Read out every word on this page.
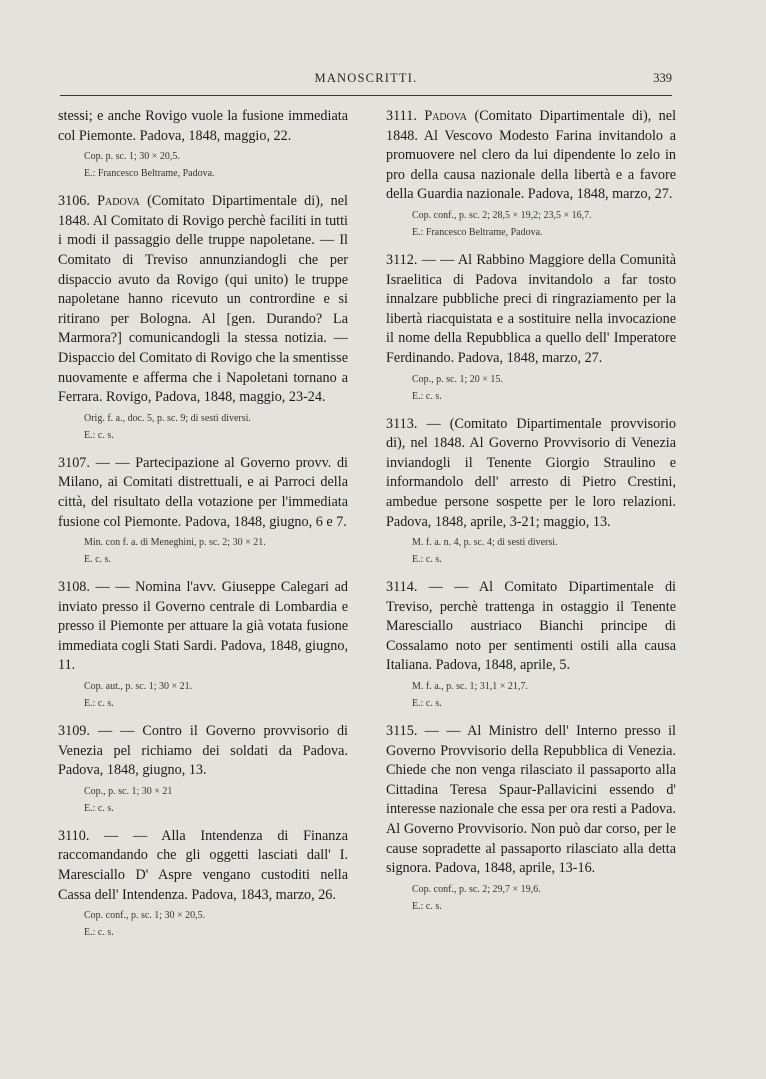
MANOSCRITTI.	339

stessi; e anche Rovigo vuole la fusione immediata col Piemonte. Padova, 1848, maggio, 22.

Cop. p. sc. 1; 30 × 20,5.
E.: Francesco Beltrame, Padova.

3106. Padova (Comitato Dipartimentale di), nel 1848. Al Comitato di Rovigo perchè faciliti in tutti i modi il passaggio delle truppe napoletane. — Il Comitato di Treviso annunziandogli che per dispaccio avuto da Rovigo (qui unito) le truppe napoletane hanno ricevuto un contrordine e si ritirano per Bologna. Al [gen. Durando? La Marmora?] comunicandogli la stessa notizia. — Dispaccio del Comitato di Rovigo che la smentisse nuovamente e afferma che i Napoletani tornano a Ferrara. Rovigo, Padova, 1848, maggio, 23-24.

Orig. f. a., doc. 5, p. sc. 9; di sesti diversi.
E.: c. s.

3107. — — Partecipazione al Governo provv. di Milano, ai Comitati distrettuali, e ai Parroci della città, del risultato della votazione per l'immediata fusione col Piemonte. Padova, 1848, giugno, 6 e 7.

Min. con f. a. di Meneghini, p. sc. 2; 30 × 21.
E. c. s.

3108. — — Nomina l'avv. Giuseppe Calegari ad inviato presso il Governo centrale di Lombardia e presso il Piemonte per attuare la già votata fusione immediata cogli Stati Sardi. Padova, 1848, giugno, 11.

Cop. aut., p. sc. 1; 30 × 21.
E.: c. s.

3109. — — Contro il Governo provvisorio di Venezia pel richiamo dei soldati da Padova. Padova, 1848, giugno, 13.

Cop., p. sc. 1; 30 × 21
E.: c. s.

3110. — — Alla Intendenza di Finanza raccomandando che gli oggetti lasciati dall' I. Maresciallo D' Aspre vengano custoditi nella Cassa dell' Intendenza. Padova, 1843, marzo, 26.

Cop. conf., p. sc. 1; 30 × 20,5.
E.: c. s.

3111. Padova (Comitato Dipartimentale di), nel 1848. Al Vescovo Modesto Farina invitandolo a promuovere nel clero da lui dipendente lo zelo in pro della causa nazionale della libertà e a favore della Guardia nazionale. Padova, 1848, marzo, 27.

Cop. conf., p. sc. 2; 28,5 × 19,2; 23,5 × 16,7.
E.: Francesco Beltrame, Padova.

3112. — — Al Rabbino Maggiore della Comunità Israelitica di Padova invitandolo a far tosto innalzare pubbliche preci di ringraziamento per la libertà riacquistata e a sostituire nella invocazione il nome della Repubblica a quello dell' Imperatore Ferdinando. Padova, 1848, marzo, 27.

Cop., p. sc. 1; 20 × 15.
E.: c. s.

3113. — (Comitato Dipartimentale provvisorio di), nel 1848. Al Governo Provvisorio di Venezia inviandogli il Tenente Giorgio Straulino e informandolo dell' arresto di Pietro Crestini, ambedue persone sospette per le loro relazioni. Padova, 1848, aprile, 3-21; maggio, 13.

M. f. a. n. 4, p. sc. 4; di sesti diversi.
E.: c. s.

3114. — — Al Comitato Dipartimentale di Treviso, perchè trattenga in ostaggio il Tenente Maresciallo austriaco Bianchi principe di Cossalamo noto per sentimenti ostili alla causa Italiana. Padova, 1848, aprile, 5.

M. f. a., p. sc. 1; 31,1 × 21,7.
E.: c. s.

3115. — — Al Ministro dell' Interno presso il Governo Provvisorio della Repubblica di Venezia. Chiede che non venga rilasciato il passaporto alla Cittadina Teresa Spaur-Pallavicini essendo d' interesse nazionale che essa per ora resti a Padova. Al Governo Provvisorio. Non può dar corso, per le cause sopradette al passaporto rilasciato alla detta signora. Padova, 1848, aprile, 13-16.

Cop. conf., p. sc. 2; 29,7 × 19,6.
E.: c. s.
